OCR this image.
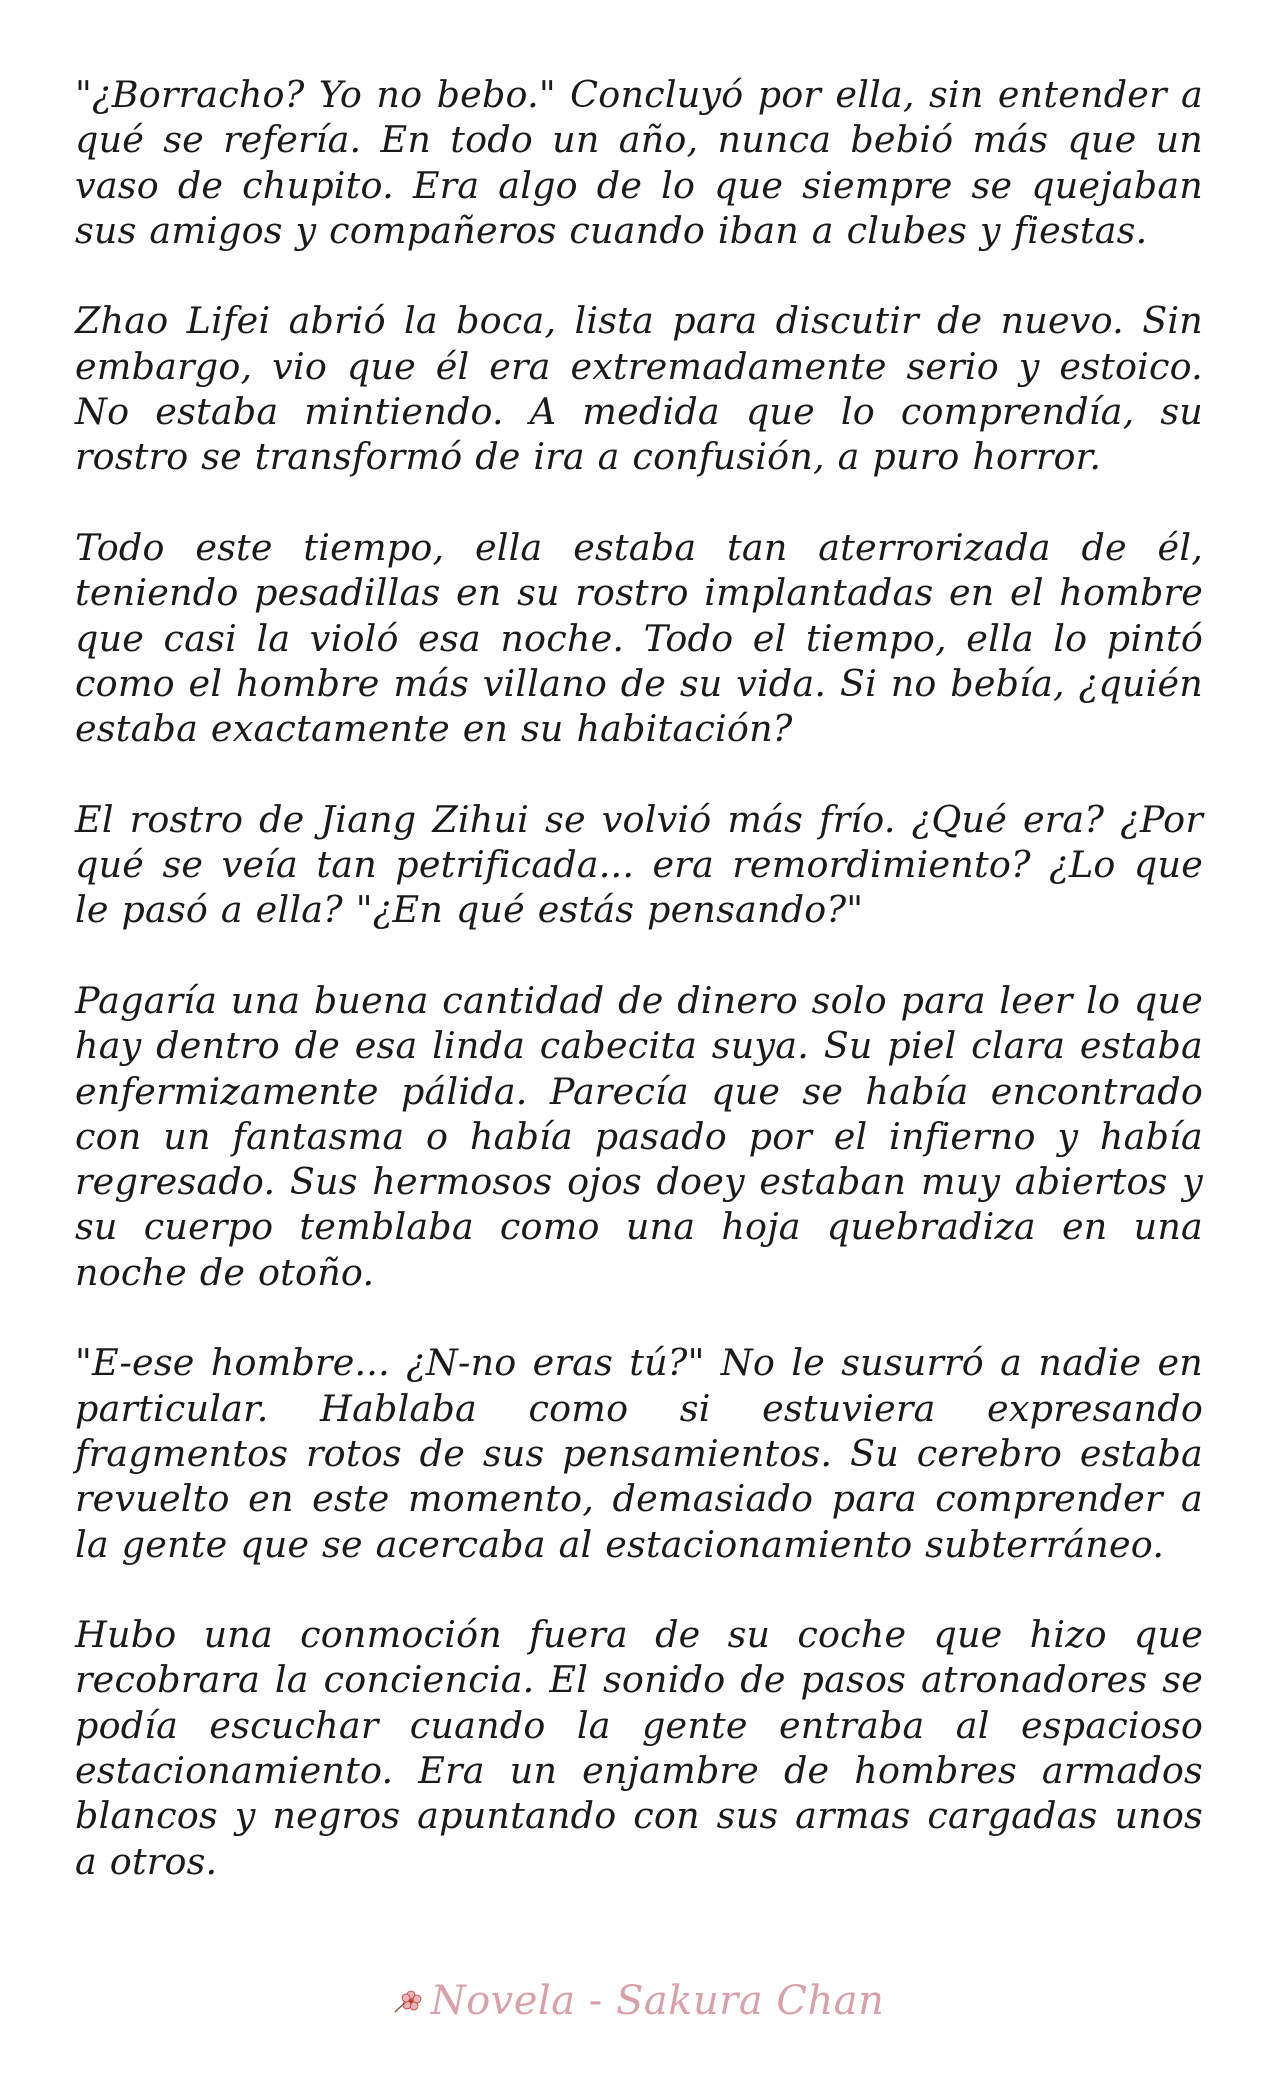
"¿Borracho? Yo no bebo." Concluyó por ella, sin entender a qué se refería. En todo un año, nunca bebió más que un vaso de chupito. Era algo de lo que siempre se quejaban sus amigos y compañeros cuando iban a clubes y fiestas.

Zhao Lifei abrió la boca, lista para discutir de nuevo. Sin embargo, vio que él era extremadamente serio y estoico. No estaba mintiendo. A medida que lo comprendía, su rostro se transformó de ira a confusión, a puro horror.

Todo este tiempo, ella estaba tan aterrorizada de él, teniendo pesadillas en su rostro implantadas en el hombre que casi la violó esa noche. Todo el tiempo, ella lo pintó como el hombre más villano de su vida. Si no bebía, ¿quién estaba exactamente en su habitación?

El rostro de Jiang Zihui se volvió más frío. ¿Qué era? ¿Por qué se veía tan petrificada... era remordimiento? ¿Lo que le pasó a ella? "¿En qué estás pensando?"

Pagaría una buena cantidad de dinero solo para leer lo que hay dentro de esa linda cabecita suya. Su piel clara estaba enfermizamente pálida. Parecía que se había encontrado con un fantasma o había pasado por el infierno y había regresado. Sus hermosos ojos doey estaban muy abiertos y su cuerpo temblaba como una hoja quebradiza en una noche de otoño.

"E-ese hombre... ¿N-no eras tú?" No le susurró a nadie en particular. Hablaba como si estuviera expresando fragmentos rotos de sus pensamientos. Su cerebro estaba revuelto en este momento, demasiado para comprender a la gente que se acercaba al estacionamiento subterráneo.

Hubo una conmoción fuera de su coche que hizo que recobrara la conciencia. El sonido de pasos atronadores se podía escuchar cuando la gente entraba al espacioso estacionamiento. Era un enjambre de hombres armados blancos y negros apuntando con sus armas cargadas unos a otros.

Novela - Sakura Chan
